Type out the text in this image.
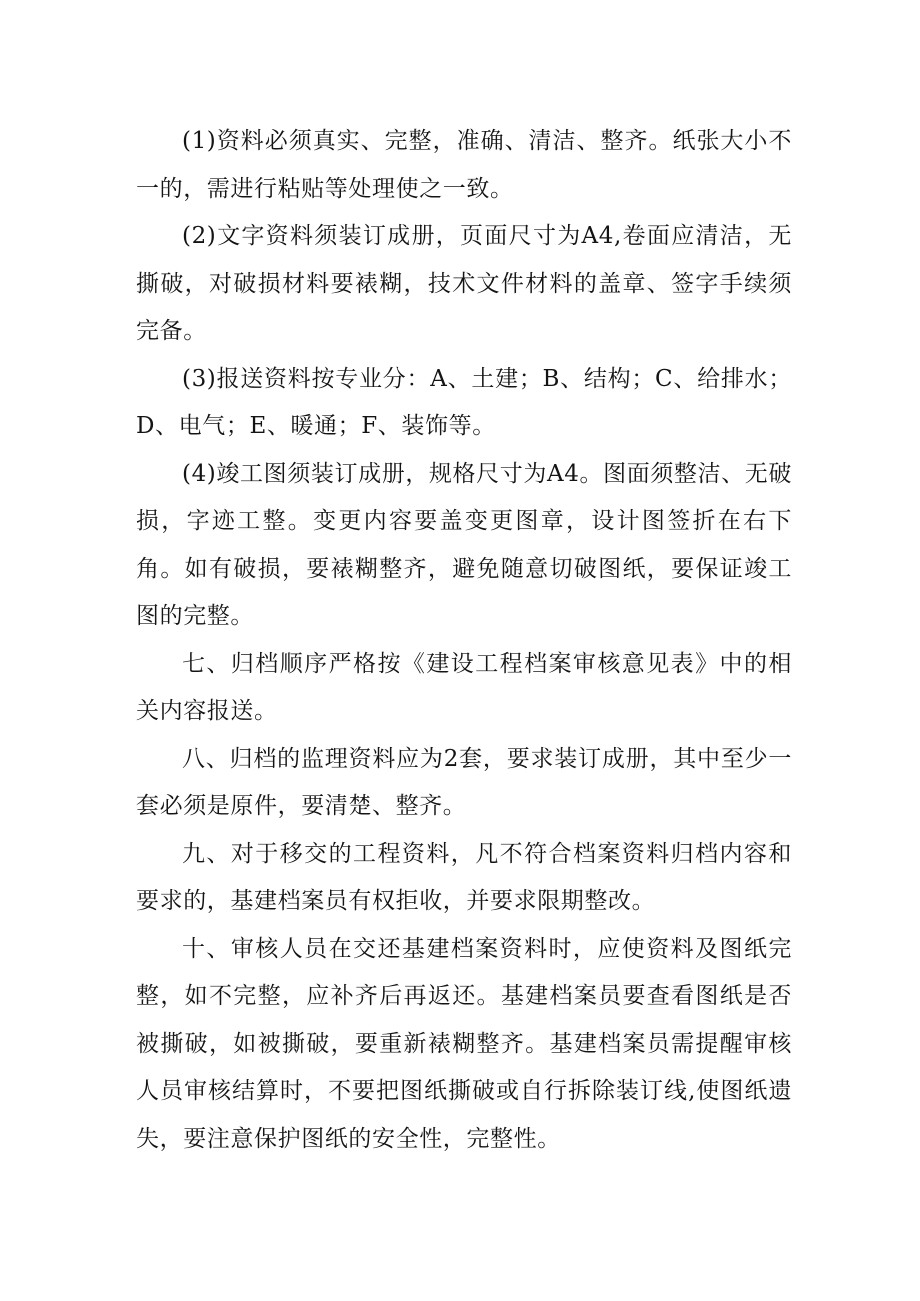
(1)资料必须真实、完整，准确、清洁、整齐。纸张大小不一的，需进行粘贴等处理使之一致。

(2)文字资料须装订成册，页面尺寸为A4,卷面应清洁，无撕破，对破损材料要裱糊，技术文件材料的盖章、签字手续须完备。

(3)报送资料按专业分：A、土建；B、结构；C、给排水；D、电气；E、暖通；F、装饰等。

(4)竣工图须装订成册，规格尺寸为A4。图面须整洁、无破损，字迹工整。变更内容要盖变更图章，设计图签折在右下角。如有破损，要裱糊整齐，避免随意切破图纸，要保证竣工图的完整。

七、归档顺序严格按《建设工程档案审核意见表》中的相关内容报送。

八、归档的监理资料应为2套，要求装订成册，其中至少一套必须是原件，要清楚、整齐。

九、对于移交的工程资料，凡不符合档案资料归档内容和要求的，基建档案员有权拒收，并要求限期整改。

十、审核人员在交还基建档案资料时，应使资料及图纸完整，如不完整，应补齐后再返还。基建档案员要查看图纸是否被撕破，如被撕破，要重新裱糊整齐。基建档案员需提醒审核人员审核结算时，不要把图纸撕破或自行拆除装订线,使图纸遗失，要注意保护图纸的安全性，完整性。
